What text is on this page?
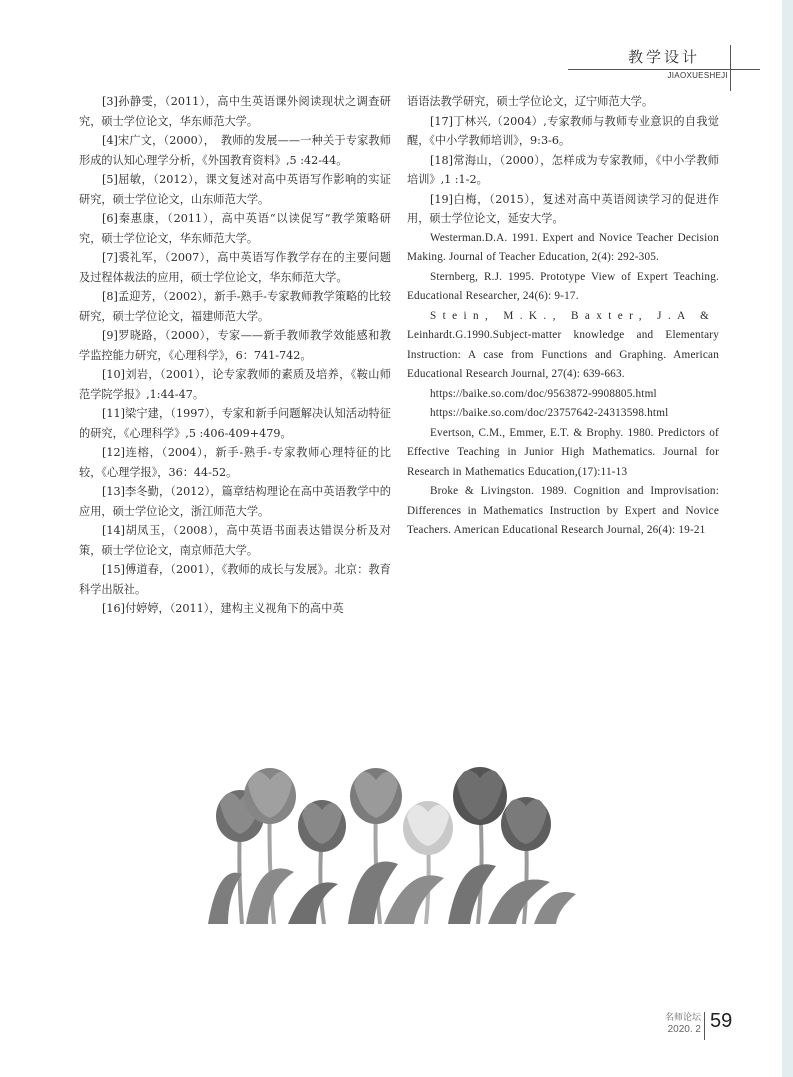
教学设计
JIAOXUESHEJI

[3]孙静雯，（2011），高中生英语课外阅读现状之调查研究，硕士学位论文，华东师范大学。

[4]宋广文，（2000），　教师的发展——一种关于专家教师形成的认知心理学分析，《外国教育资料》,5 :42-44。

[5]屈敏，（2012），课文复述对高中英语写作影响的实证研究，硕士学位论文，山东师范大学。

[6]秦惠康，（2011），高中英语“以读促写”教学策略研究，硕士学位论文，华东师范大学。

[7]裘礼军，（2007），高中英语写作教学存在的主要问题及过程体裁法的应用，硕士学位论文，华东师范大学。

[8]孟迎芳，（2002），新手-熟手-专家教师教学策略的比较研究，硕士学位论文，福建师范大学。

[9]罗晓路，（2000），专家——新手教师教学效能感和教学监控能力研究，《心理科学》，6：741-742。

[10]刘岩，（2001），论专家教师的素质及培养，《鞍山师范学院学报》,1:44-47。

[11]梁宁建，（1997），专家和新手问题解决认知活动特征的研究，《心理科学》,5 :406-409+479。

[12]连榕，（2004），新手-熟手-专家教师心理特征的比较，《心理学报》，36：44-52。

[13]李冬勤，（2012），篇章结构理论在高中英语教学中的应用，硕士学位论文，浙江师范大学。

[14]胡凤玉，（2008），高中英语书面表达错误分析及对策，硕士学位论文，南京师范大学。

[15]傅道春，（2001），《教师的成长与发展》。北京：教育科学出版社。

[16]付婷婷，（2011），建构主义视角下的高中英

语语法教学研究，硕士学位论文，辽宁师范大学。

[17]丁林兴,（2004）,专家教师与教师专业意识的自我觉醒，《中小学教师培训》，9:3-6。

[18]常海山，（2000），怎样成为专家教师，《中小学教师培训》,1 :1-2。

[19]白梅，（2015），复述对高中英语阅读学习的促进作用，硕士学位论文，延安大学。

Westerman.D.A. 1991. Expert and Novice Teacher Decision Making. Journal of Teacher Education, 2(4): 292-305.

Sternberg, R.J. 1995. Prototype View of Expert Teaching. Educational Researcher, 24(6): 9-17.

Stein, M.K., Baxter, J.A &

Leinhardt.G.1990.Subject-matter knowledge and Elementary Instruction: A case from Functions and Graphing. American Educational Research Journal, 27(4): 639-663.

https://baike.so.com/doc/9563872-9908805.html

https://baike.so.com/doc/23757642-24313598.html

Evertson, C.M., Emmer, E.T. & Brophy. 1980. Predictors of Effective Teaching in Junior High Mathematics. Journal for Research in Mathematics Education,(17):11-13

Broke & Livingston. 1989. Cognition and Improvisation: Differences in Mathematics Instruction by Expert and Novice Teachers. American Educational Research Journal, 26(4): 19-21

名师论坛
2020. 2 59
